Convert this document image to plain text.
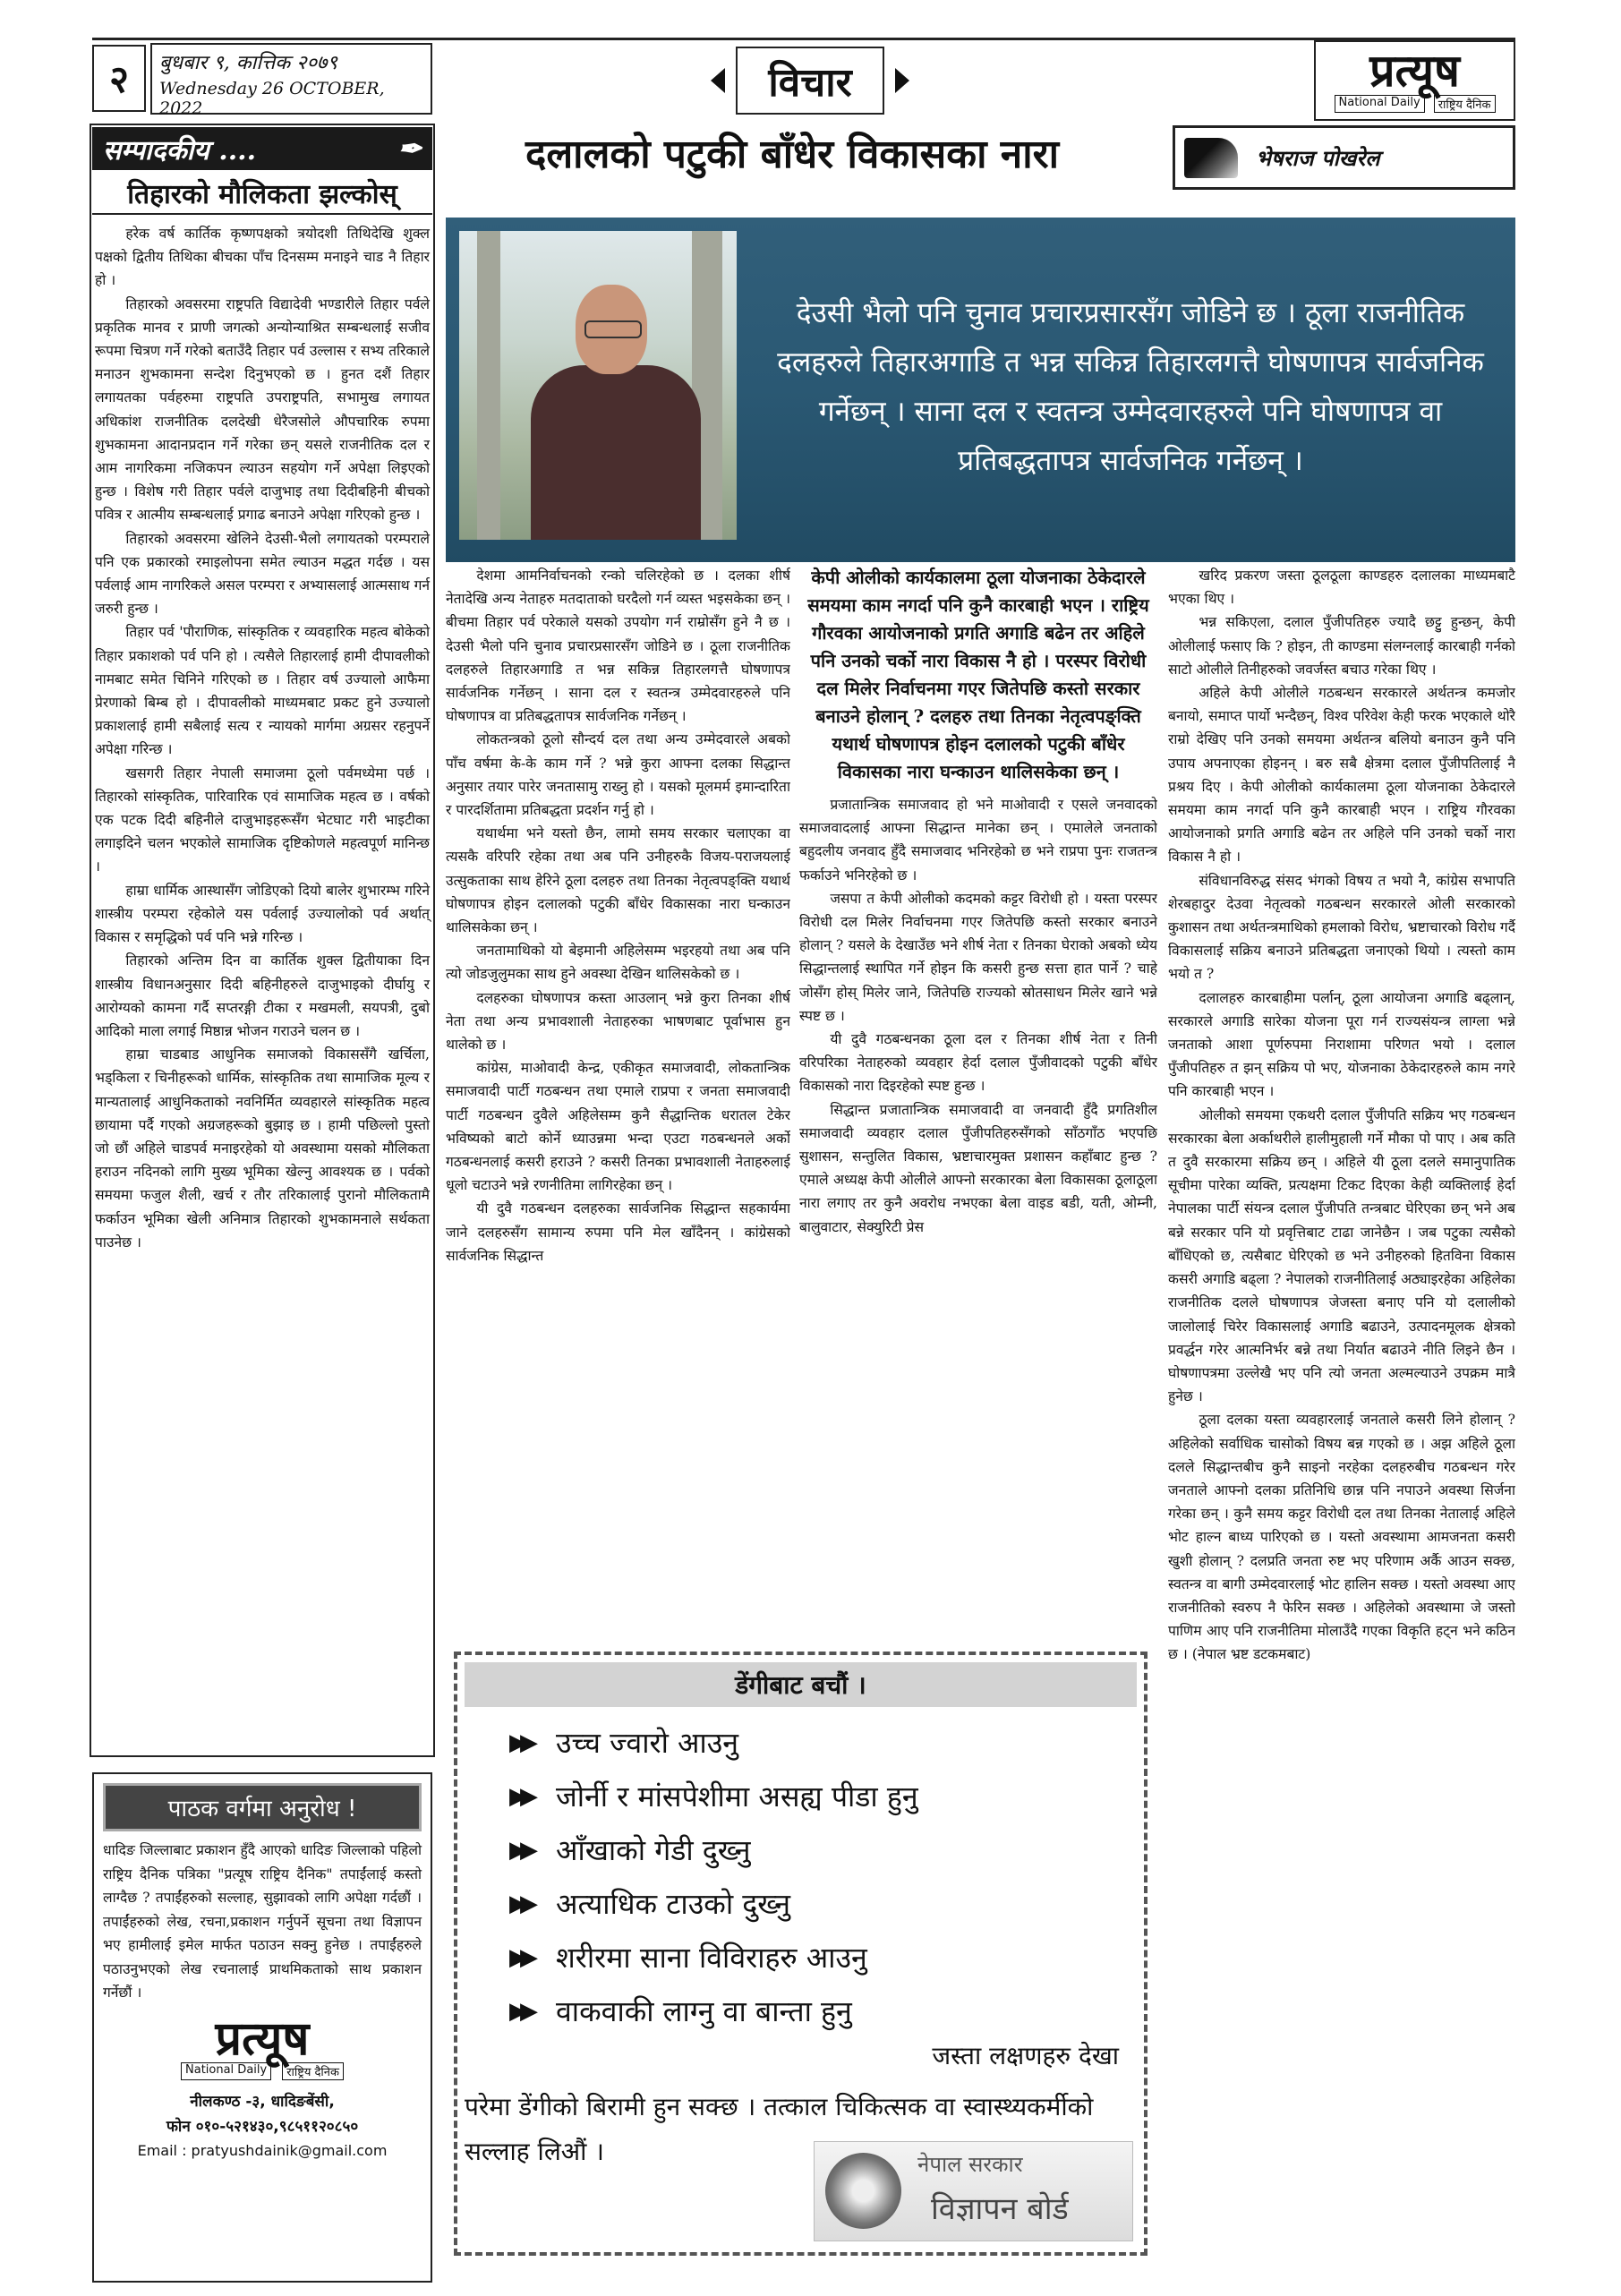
२	बुधबार ९, कात्तिक २०७९
Wednesday 26 OCTOBER, 2022
विचार	प्रत्यूष
National Daily	राष्ट्रिय दैनिक
सम्पादकीय ....	✒
तिहारको मौलिकता झल्कोस्

हरेक वर्ष कार्तिक कृष्णपक्षको त्रयोदशी तिथिदेखि शुक्ल पक्षको द्वितीय तिथिका बीचका पाँच दिनसम्म मनाइने चाड नै तिहार हो ।

तिहारको अवसरमा राष्ट्रपति विद्यादेवी भण्डारीले तिहार पर्वले प्रकृतिक मानव र प्राणी जगत्को अन्योन्याश्रित सम्बन्धलाई सजीव रूपमा चित्रण गर्ने गरेको बताउँदै तिहार पर्व उल्लास र सभ्य तरिकाले मनाउन शुभकामना सन्देश दिनुभएको छ । हुनत दशैं तिहार लगायतका पर्वहरुमा राष्ट्रपति उपराष्ट्रपति, सभामुख लगायत अधिकांश राजनीतिक दलदेखी धेरैजसोले औपचारिक रुपमा शुभकामना आदानप्रदान गर्ने गरेका छन् यसले राजनीतिक दल र आम नागरिकमा नजिकपन ल्याउन सहयोग गर्ने अपेक्षा लिइएको हुन्छ । विशेष गरी तिहार पर्वले दाजुभाइ तथा दिदीबहिनी बीचको पवित्र र आत्मीय सम्बन्धलाई प्रगाढ बनाउने अपेक्षा गरिएको हुन्छ ।

तिहारको अवसरमा खेलिने देउसी-भैलो लगायतको परम्पराले पनि एक प्रकारको रमाइलोपना समेत ल्याउन मद्धत गर्दछ । यस पर्वलाई आम नागरिकले असल परम्परा र अभ्यासलाई आत्मसाथ गर्न जरुरी हुन्छ ।

तिहार पर्व 'पौराणिक, सांस्कृतिक र व्यवहारिक महत्व बोकेको तिहार प्रकाशको पर्व पनि हो । त्यसैले तिहारलाई हामी दीपावलीको नामबाट समेत चिनिने गरिएको छ । तिहार वर्ष उज्यालो आफैमा प्रेरणाको बिम्ब हो । दीपावलीको माध्यमबाट प्रकट हुने उज्यालो प्रकाशलाई हामी सबैलाई सत्य र न्यायको मार्गमा अग्रसर रहनुपर्ने अपेक्षा गरिन्छ ।

खसगरी तिहार नेपाली समाजमा ठूलो पर्वमध्येमा पर्छ । तिहारको सांस्कृतिक, पारिवारिक एवं सामाजिक महत्व छ । वर्षको एक पटक दिदी बहिनीले दाजुभाइहरूसँग भेटघाट गरी भाइटीका लगाइदिने चलन भएकोले सामाजिक दृष्टिकोणले महत्वपूर्ण मानिन्छ ।

हाम्रा धार्मिक आस्थासँग जोडिएको दियो बालेर शुभारम्भ गरिने शास्त्रीय परम्परा रहेकोले यस पर्वलाई उज्यालोको पर्व अर्थात् विकास र समृद्धिको पर्व पनि भन्ने गरिन्छ ।

तिहारको अन्तिम दिन वा कार्तिक शुक्ल द्वितीयाका दिन शास्त्रीय विधानअनुसार दिदी बहिनीहरुले दाजुभाइको दीर्घायु र आरोग्यको कामना गर्दै सप्तरङ्गी टीका र मखमली, सयपत्री, दुबो आदिको माला लगाई मिष्ठान्न भोजन गराउने चलन छ ।

हाम्रा चाडबाड आधुनिक समाजको विकाससँगै खर्चिला, भड्किला र चिनीहरूको धार्मिक, सांस्कृतिक तथा सामाजिक मूल्य र मान्यतालाई आधुनिकताको नवनिर्मित व्यवहारले सांस्कृतिक महत्व छायामा पर्दै गएको अग्रजहरूको बुझाइ छ । हामी पछिल्लो पुस्तो जो छौं अहिले चाडपर्व मनाइरहेको यो अवस्थामा यसको मौलिकता हराउन नदिनको लागि मुख्य भूमिका खेल्नु आवश्यक छ । पर्वको समयमा फजुल शैली, खर्च र तौर तरिकालाई पुरानो मौलिकतामै फर्काउन भूमिका खेली अनिमात्र तिहारको शुभकामनाले सर्थकता पाउनेछ ।

पाठक वर्गमा अनुरोध !
धादिङ जिल्लाबाट प्रकाशन हुँदै आएको धादिङ जिल्लाको पहिलो राष्ट्रिय दैनिक पत्रिका "प्रत्यूष राष्ट्रिय दैनिक" तपाईंलाई कस्तो लाग्दैछ ? तपाईंहरुको सल्लाह, सुझावको लागि अपेक्षा गर्दछौं । तपाईंहरुको लेख, रचना,प्रकाशन गर्नुपर्ने सूचना तथा विज्ञापन भए हामीलाई इमेल मार्फत पठाउन सक्नु हुनेछ । तपाईंहरुले पठाउनुभएको लेख रचनालाई प्राथमिकताको साथ प्रकाशन गर्नेछौं ।
प्रत्यूष
National Daily	राष्ट्रिय दैनिक
नीलकण्ठ -३, धादिङबेंसी,
फोन ०१०-५२१४३०,९८५११२०८५०
Email : pratyushdainik@gmail.com
दलालको पटुकी बाँधेर विकासका नारा	भेषराज पोखरेल
देउसी भैलो पनि चुनाव प्रचारप्रसारसँग जोडिने छ । ठूला राजनीतिक दलहरुले तिहारअगाडि त भन्न सकिन्न तिहारलगत्तै घोषणापत्र सार्वजनिक गर्नेछन् । साना दल र स्वतन्त्र उम्मेदवारहरुले पनि घोषणापत्र वा प्रतिबद्धतापत्र सार्वजनिक गर्नेछन् ।

देशमा आमनिर्वाचनको रन्को चलिरहेको छ । दलका शीर्ष नेतादेखि अन्य नेताहरु मतदाताको घरदैलो गर्न व्यस्त भइसकेका छन् । बीचमा तिहार पर्व परेकाले यसको उपयोग गर्न राम्रोसँग हुने नै छ । देउसी भैलो पनि चुनाव प्रचारप्रसारसँग जोडिने छ । ठूला राजनीतिक दलहरुले तिहारअगाडि त भन्न सकिन्न तिहारलगत्तै घोषणापत्र सार्वजनिक गर्नेछन् । साना दल र स्वतन्त्र उम्मेदवारहरुले पनि घोषणापत्र वा प्रतिबद्धतापत्र सार्वजनिक गर्नेछन् ।

लोकतन्त्रको ठूलो सौन्दर्य दल तथा अन्य उम्मेदवारले अबको पाँच वर्षमा के-के काम गर्ने ? भन्ने कुरा आफ्ना दलका सिद्धान्त अनुसार तयार पारेर जनतासामु राख्नु हो । यसको मूलमर्म इमान्दारिता र पारदर्शितामा प्रतिबद्धता प्रदर्शन गर्नु हो ।

यथार्थमा भने यस्तो छैन, लामो समय सरकार चलाएका वा त्यसकै वरिपरि रहेका तथा अब पनि उनीहरुकै विजय-पराजयलाई उत्सुकताका साथ हेरिने ठूला दलहरु तथा तिनका नेतृत्वपङ्क्ति यथार्थ घोषणापत्र होइन दलालको पटुकी बाँधेर विकासका नारा घन्काउन थालिसकेका छन् ।

जनतामाथिको यो बेइमानी अहिलेसम्म भइरहयो तथा अब पनि त्यो जोडजुलुमका साथ हुने अवस्था देखिन थालिसकेको छ ।

दलहरुका घोषणापत्र कस्ता आउलान् भन्ने कुरा तिनका शीर्ष नेता तथा अन्य प्रभावशाली नेताहरुका भाषणबाट पूर्वाभास हुन थालेको छ ।

कांग्रेस, माओवादी केन्द्र, एकीकृत समाजवादी, लोकतान्त्रिक समाजवादी पार्टी गठबन्धन तथा एमाले राप्रपा र जनता समाजवादी पार्टी गठबन्धन दुवैले अहिलेसम्म कुनै सैद्धान्तिक धरातल टेकेर भविष्यको बाटो कोर्ने ध्याउन्नमा भन्दा एउटा गठबन्धनले अर्को गठबन्धनलाई कसरी हराउने ? कसरी तिनका प्रभावशाली नेताहरुलाई धूलो चटाउने भन्ने रणनीतिमा लागिरहेका छन् ।

यी दुवै गठबन्धन दलहरुका सार्वजनिक सिद्धान्त सहकार्यमा जाने दलहरुसँग सामान्य रुपमा पनि मेल खाँदैनन् । कांग्रेसको सार्वजनिक सिद्धान्त

केपी ओलीको कार्यकालमा ठूला योजनाका ठेकेदारले समयमा काम नगर्दा पनि कुनै कारबाही भएन । राष्ट्रिय गौरवका आयोजनाको प्रगति अगाडि बढेन तर अहिले पनि उनको चर्को नारा विकास नै हो । परस्पर विरोधी दल मिलेर निर्वाचनमा गएर जितेपछि कस्तो सरकार बनाउने होलान् ? दलहरु तथा तिनका नेतृत्वपङ्क्ति यथार्थ घोषणापत्र होइन दलालको पटुकी बाँधेर विकासका नारा घन्काउन थालिसकेका छन् ।

प्रजातान्त्रिक समाजवाद हो भने माओवादी र एसले जनवादको समाजवादलाई आफ्ना सिद्धान्त मानेका छन् । एमालेले जनताको बहुदलीय जनवाद हुँदै समाजवाद भनिरहेको छ भने राप्रपा पुनः राजतन्त्र फर्काउने भनिरहेको छ ।

जसपा त केपी ओलीको कदमको कट्टर विरोधी हो । यस्ता परस्पर विरोधी दल मिलेर निर्वाचनमा गएर जितेपछि कस्तो सरकार बनाउने होलान् ? यसले के देखाउँछ भने शीर्ष नेता र तिनका घेराको अबको ध्येय सिद्धान्तलाई स्थापित गर्ने होइन कि कसरी हुन्छ सत्ता हात पार्ने ? चाहे जोसँग होस् मिलेर जाने, जितेपछि राज्यको स्रोतसाधन मिलेर खाने भन्ने स्पष्ट छ ।

यी दुवै गठबन्धनका ठूला दल र तिनका शीर्ष नेता र तिनी वरिपरिका नेताहरुको व्यवहार हेर्दा दलाल पुँजीवादको पटुकी बाँधेर विकासको नारा दिइरहेको स्पष्ट हुन्छ ।

सिद्धान्त प्रजातान्त्रिक समाजवादी वा जनवादी हुँदै प्रगतिशील समाजवादी व्यवहार दलाल पुँजीपतिहरुसँगको साँठगाँठ भएपछि सुशासन, सन्तुलित विकास, भ्रष्टाचारमुक्त प्रशासन कहाँबाट हुन्छ ? एमाले अध्यक्ष केपी ओलीले आफ्नो सरकारका बेला विकासका ठूलाठूला नारा लगाए तर कुनै अवरोध नभएका बेला वाइड बडी, यती, ओम्नी, बालुवाटार, सेक्युरिटी प्रेस

खरिद प्रकरण जस्ता ठूलठूला काण्डहरु दलालका माध्यमबाटै भएका थिए ।

भन्न सकिएला, दलाल पुँजीपतिहरु ज्यादै छट्टु हुन्छन्, केपी ओलीलाई फसाए कि ? होइन, ती काण्डमा संलग्नलाई कारबाही गर्नको साटो ओलीले तिनीहरुको जवर्जस्त बचाउ गरेका थिए ।

अहिले केपी ओलीले गठबन्धन सरकारले अर्थतन्त्र कमजोर बनायो, समाप्त पार्यो भन्दैछन्, विश्व परिवेश केही फरक भएकाले थोरै राम्रो देखिए पनि उनको समयमा अर्थतन्त्र बलियो बनाउन कुनै पनि उपाय अपनाएका होइनन् । बरु सबै क्षेत्रमा दलाल पुँजीपतिलाई नै प्रश्रय दिए । केपी ओलीको कार्यकालमा ठूला योजनाका ठेकेदारले समयमा काम नगर्दा पनि कुनै कारबाही भएन । राष्ट्रिय गौरवका आयोजनाको प्रगति अगाडि बढेन तर अहिले पनि उनको चर्को नारा विकास नै हो ।

संविधानविरुद्ध संसद भंगको विषय त भयो नै, कांग्रेस सभापति शेरबहादुर देउवा नेतृत्वको गठबन्धन सरकारले ओली सरकारको कुशासन तथा अर्थतन्त्रमाथिको हमलाको विरोध, भ्रष्टाचारको विरोध गर्दै विकासलाई सक्रिय बनाउने प्रतिबद्धता जनाएको थियो । त्यस्तो काम भयो त ?

दलालहरु कारबाहीमा पर्लान्, ठूला आयोजना अगाडि बढ्लान्, सरकारले अगाडि सारेका योजना पूरा गर्न राज्यसंयन्त्र लाग्ला भन्ने जनताको आशा पूर्णरुपमा निराशामा परिणत भयो । दलाल पुँजीपतिहरु त झन् सक्रिय पो भए, योजनाका ठेकेदारहरुले काम नगरे पनि कारबाही भएन ।

ओलीको समयमा एकथरी दलाल पुँजीपति सक्रिय भए गठबन्धन सरकारका बेला अर्काथरीले हालीमुहाली गर्ने मौका पो पाए । अब कति त दुवै सरकारमा सक्रिय छन् । अहिले यी ठूला दलले समानुपातिक सूचीमा पारेका व्यक्ति, प्रत्यक्षमा टिकट दिएका केही व्यक्तिलाई हेर्दा नेपालका पार्टी संयन्त्र दलाल पुँजीपति तन्त्रबाट घेरिएका छन् भने अब बन्ने सरकार पनि यो प्रवृत्तिबाट टाढा जानेछैन । जब पटुका त्यसैको बाँधिएको छ, त्यसैबाट घेरिएको छ भने उनीहरुको हितविना विकास कसरी अगाडि बढ्ला ? नेपालको राजनीतिलाई अठ्याइरहेका अहिलेका राजनीतिक दलले घोषणापत्र जेजस्ता बनाए पनि यो दलालीको जालोलाई चिरेर विकासलाई अगाडि बढाउने, उत्पादनमूलक क्षेत्रको प्रवर्द्धन गरेर आत्मनिर्भर बन्ने तथा निर्यात बढाउने नीति लिइने छैन । घोषणापत्रमा उल्लेखै भए पनि त्यो जनता अल्मल्याउने उपक्रम मात्रै हुनेछ ।

ठूला दलका यस्ता व्यवहारलाई जनताले कसरी लिने होलान् ? अहिलेको सर्वाधिक चासोको विषय बन्न गएको छ । अझ अहिले ठूला दलले सिद्धान्तबीच कुनै साइनो नरहेका दलहरुबीच गठबन्धन गरेर जनताले आफ्नो दलका प्रतिनिधि छान्न पनि नपाउने अवस्था सिर्जना गरेका छन् । कुनै समय कट्टर विरोधी दल तथा तिनका नेतालाई अहिले भोट हाल्न बाध्य पारिएको छ । यस्तो अवस्थामा आमजनता कसरी खुशी होलान् ? दलप्रति जनता रुष्ट भए परिणाम अर्कै आउन सक्छ, स्वतन्त्र वा बागी उम्मेदवारलाई भोट हालिन सक्छ । यस्तो अवस्था आए राजनीतिको स्वरुप नै फेरिन सक्छ । अहिलेको अवस्थामा जे जस्तो पाणिम आए पनि राजनीतिमा मोलाउँदै गएका विकृति हट्न भने कठिन छ । (नेपाल भ्रष्ट डटकमबाट)

डेंगीबाट बचौं ।
▶▶ उच्च ज्वारो आउनु
▶▶ जोर्नी र मांसपेशीमा असह्य पीडा हुनु
▶▶ आँखाको गेडी दुख्नु
▶▶ अत्याधिक टाउको दुख्नु
▶▶ शरीरमा साना विविराहरु आउनु
▶▶ वाकवाकी लाग्नु वा बान्ता हुनु
जस्ता लक्षणहरु देखा
परेमा डेंगीको बिरामी हुन सक्छ । तत्काल चिकित्सक वा स्वास्थ्यकर्मीको सल्लाह लिऔं ।	नेपाल सरकार
विज्ञापन बोर्ड
